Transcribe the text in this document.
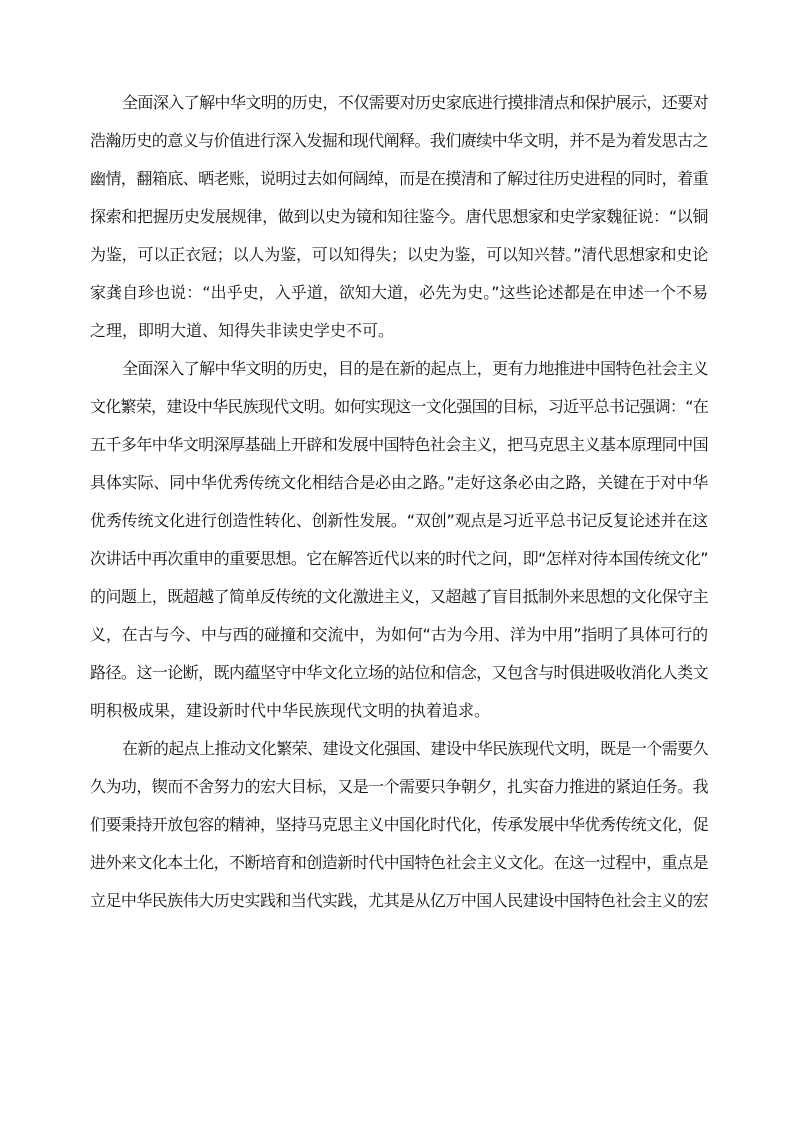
全面深入了解中华文明的历史，不仅需要对历史家底进行摸排清点和保护展示，还要对
浩瀚历史的意义与价值进行深入发掘和现代阐释。我们赓续中华文明，并不是为着发思古之
幽情，翻箱底、晒老账，说明过去如何阔绰，而是在摸清和了解过往历史进程的同时，着重
探索和把握历史发展规律，做到以史为镜和知往鉴今。唐代思想家和史学家魏征说：“以铜
为鉴，可以正衣冠；以人为鉴，可以知得失；以史为鉴，可以知兴替。”清代思想家和史论
家龚自珍也说：“出乎史，入乎道，欲知大道，必先为史。”这些论述都是在申述一个不易
之理，即明大道、知得失非读史学史不可。
全面深入了解中华文明的历史，目的是在新的起点上，更有力地推进中国特色社会主义
文化繁荣，建设中华民族现代文明。如何实现这一文化强国的目标，习近平总书记强调：“在
五千多年中华文明深厚基础上开辟和发展中国特色社会主义，把马克思主义基本原理同中国
具体实际、同中华优秀传统文化相结合是必由之路。”走好这条必由之路，关键在于对中华
优秀传统文化进行创造性转化、创新性发展。“双创”观点是习近平总书记反复论述并在这
次讲话中再次重申的重要思想。它在解答近代以来的时代之问，即“怎样对待本国传统文化”
的问题上，既超越了简单反传统的文化激进主义，又超越了盲目抵制外来思想的文化保守主
义，在古与今、中与西的碰撞和交流中，为如何“古为今用、洋为中用”指明了具体可行的
路径。这一论断，既内蕴坚守中华文化立场的站位和信念，又包含与时俱进吸收消化人类文
明积极成果，建设新时代中华民族现代文明的执着追求。
在新的起点上推动文化繁荣、建设文化强国、建设中华民族现代文明，既是一个需要久
久为功，锲而不舍努力的宏大目标，又是一个需要只争朝夕，扎实奋力推进的紧迫任务。我
们要秉持开放包容的精神，坚持马克思主义中国化时代化，传承发展中华优秀传统文化，促
进外来文化本土化，不断培育和创造新时代中国特色社会主义文化。在这一过程中，重点是
立足中华民族伟大历史实践和当代实践，尤其是从亿万中国人民建设中国特色社会主义的宏
